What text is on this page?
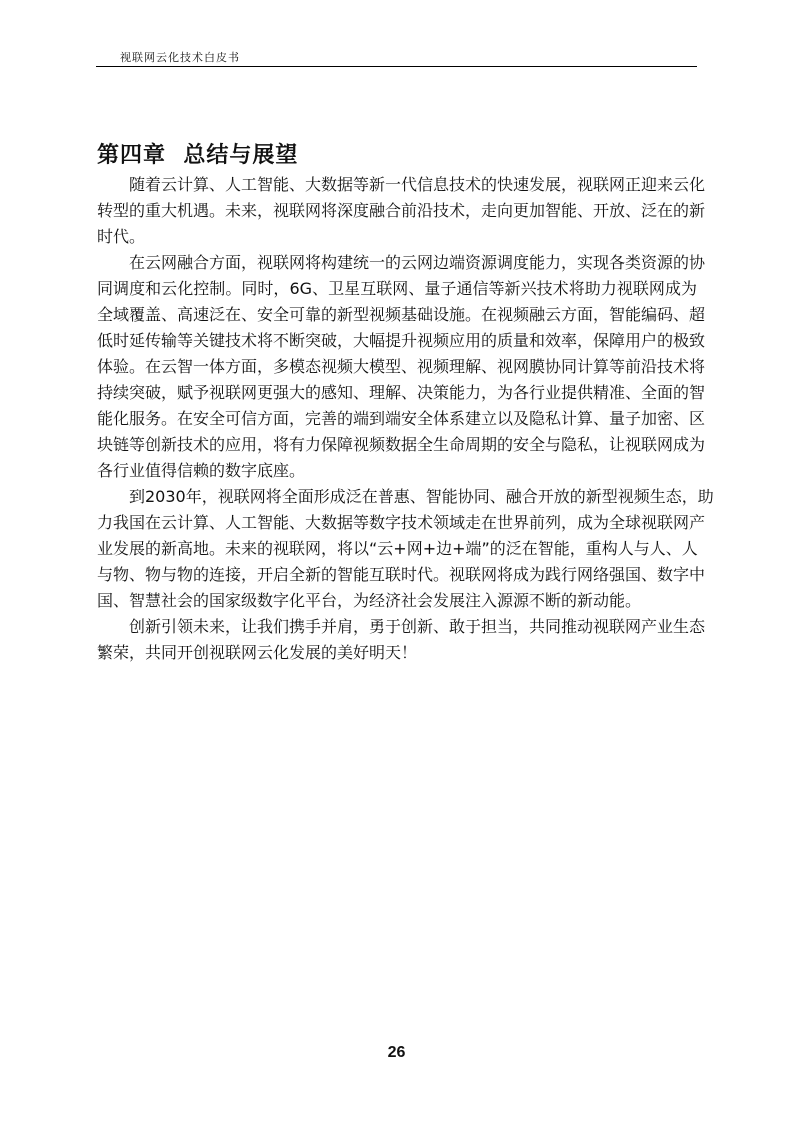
视联网云化技术白皮书
第四章  总结与展望
随着云计算、人工智能、大数据等新一代信息技术的快速发展，视联网正迎来云化
转型的重大机遇。未来，视联网将深度融合前沿技术，走向更加智能、开放、泛在的新
时代。
在云网融合方面，视联网将构建统一的云网边端资源调度能力，实现各类资源的协
同调度和云化控制。同时，6G、卫星互联网、量子通信等新兴技术将助力视联网成为
全域覆盖、高速泛在、安全可靠的新型视频基础设施。在视频融云方面，智能编码、超
低时延传输等关键技术将不断突破，大幅提升视频应用的质量和效率，保障用户的极致
体验。在云智一体方面，多模态视频大模型、视频理解、视网膜协同计算等前沿技术将
持续突破，赋予视联网更强大的感知、理解、决策能力，为各行业提供精准、全面的智
能化服务。在安全可信方面，完善的端到端安全体系建立以及隐私计算、量子加密、区
块链等创新技术的应用，将有力保障视频数据全生命周期的安全与隐私，让视联网成为
各行业值得信赖的数字底座。
到2030年，视联网将全面形成泛在普惠、智能协同、融合开放的新型视频生态，助
力我国在云计算、人工智能、大数据等数字技术领域走在世界前列，成为全球视联网产
业发展的新高地。未来的视联网，将以“云+网+边+端”的泛在智能，重构人与人、人
与物、物与物的连接，开启全新的智能互联时代。视联网将成为践行网络强国、数字中
国、智慧社会的国家级数字化平台，为经济社会发展注入源源不断的新动能。
创新引领未来，让我们携手并肩，勇于创新、敢于担当，共同推动视联网产业生态
繁荣，共同开创视联网云化发展的美好明天！
26
